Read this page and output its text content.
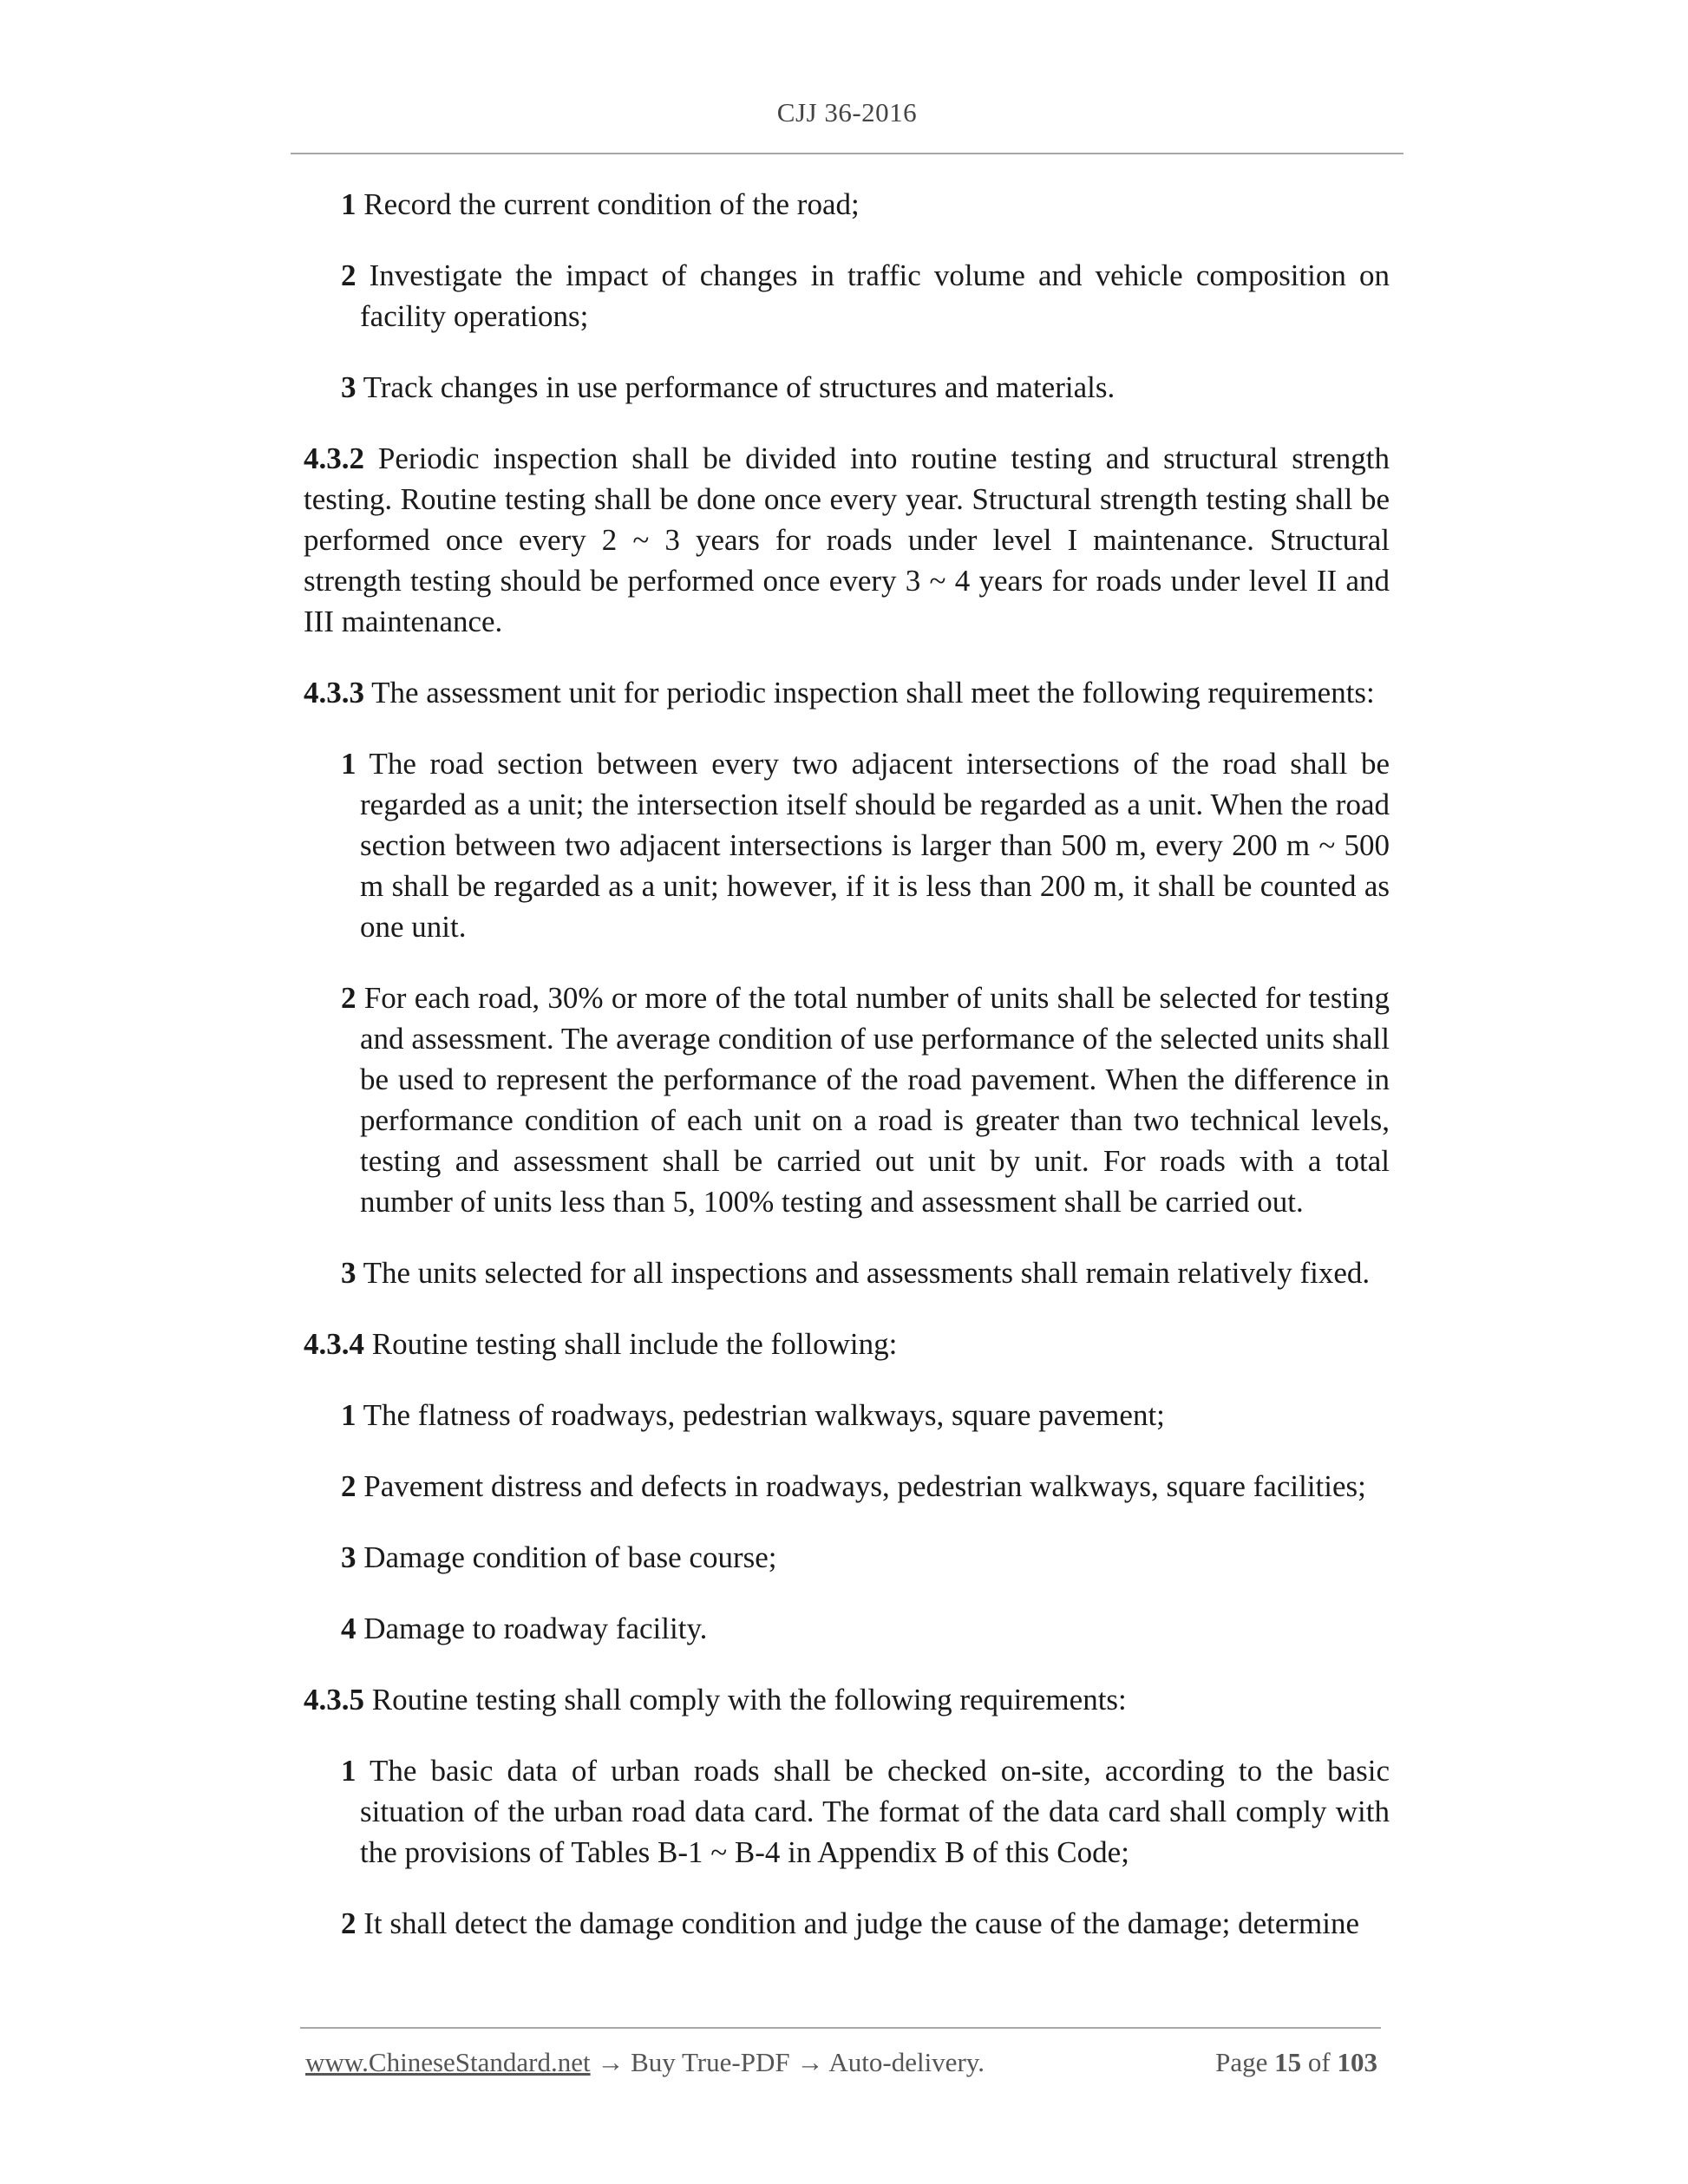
CJJ 36-2016

1 Record the current condition of the road;

2 Investigate the impact of changes in traffic volume and vehicle composition on facility operations;

3 Track changes in use performance of structures and materials.

4.3.2 Periodic inspection shall be divided into routine testing and structural strength testing. Routine testing shall be done once every year. Structural strength testing shall be performed once every 2 ~ 3 years for roads under level I maintenance. Structural strength testing should be performed once every 3 ~ 4 years for roads under level II and III maintenance.

4.3.3 The assessment unit for periodic inspection shall meet the following requirements:

1 The road section between every two adjacent intersections of the road shall be regarded as a unit; the intersection itself should be regarded as a unit. When the road section between two adjacent intersections is larger than 500 m, every 200 m ~ 500 m shall be regarded as a unit; however, if it is less than 200 m, it shall be counted as one unit.

2 For each road, 30% or more of the total number of units shall be selected for testing and assessment. The average condition of use performance of the selected units shall be used to represent the performance of the road pavement. When the difference in performance condition of each unit on a road is greater than two technical levels, testing and assessment shall be carried out unit by unit. For roads with a total number of units less than 5, 100% testing and assessment shall be carried out.

3 The units selected for all inspections and assessments shall remain relatively fixed.

4.3.4 Routine testing shall include the following:

1 The flatness of roadways, pedestrian walkways, square pavement;

2 Pavement distress and defects in roadways, pedestrian walkways, square facilities;

3 Damage condition of base course;

4 Damage to roadway facility.

4.3.5 Routine testing shall comply with the following requirements:

1 The basic data of urban roads shall be checked on-site, according to the basic situation of the urban road data card. The format of the data card shall comply with the provisions of Tables B-1 ~ B-4 in Appendix B of this Code;

2 It shall detect the damage condition and judge the cause of the damage; determine

www.ChineseStandard.net → Buy True-PDF → Auto-delivery.	Page 15 of 103
